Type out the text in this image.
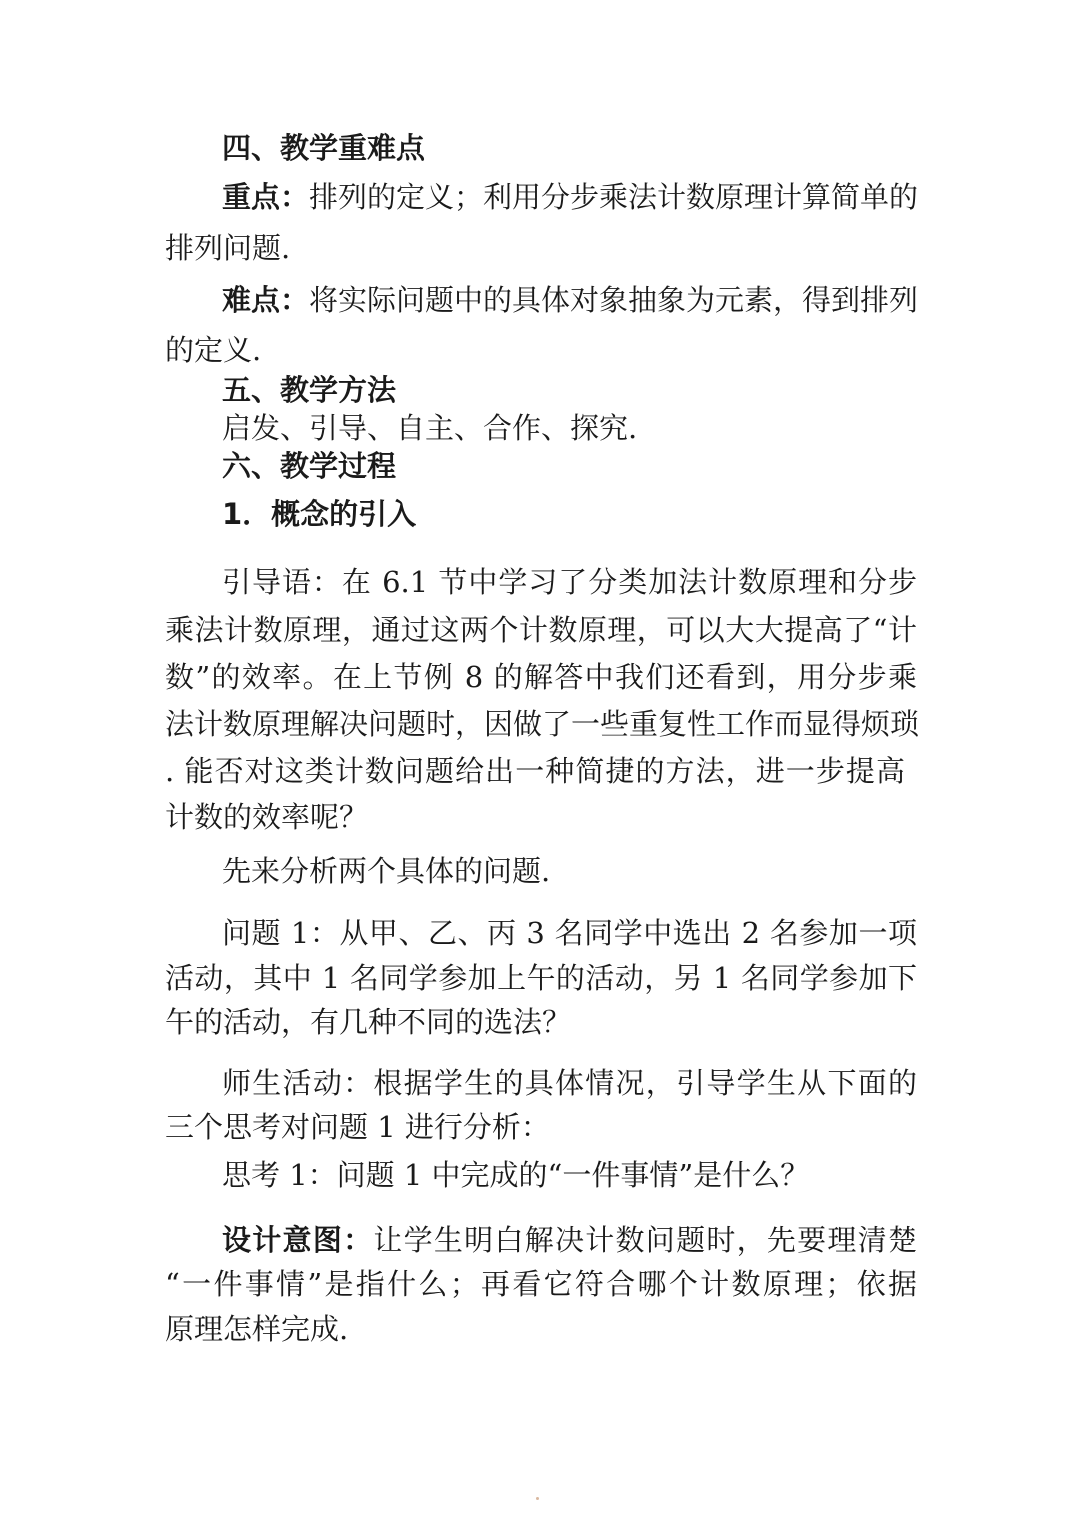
四、教学重难点
重点：排列的定义；利用分步乘法计数原理计算简单的
排列问题.
难点：将实际问题中的具体对象抽象为元素，得到排列
的定义.
五、教学方法
启发、引导、自主、合作、探究.
六、教学过程
1．概念的引入
引导语：在 6.1 节中学习了分类加法计数原理和分步
乘法计数原理，通过这两个计数原理，可以大大提高了“计
数”的效率。在上节例 8 的解答中我们还看到，用分步乘
法计数原理解决问题时，因做了一些重复性工作而显得烦琐
. 能否对这类计数问题给出一种简捷的方法，进一步提高
计数的效率呢？
先来分析两个具体的问题.
问题 1：从甲、乙、丙 3 名同学中选出 2 名参加一项
活动，其中 1 名同学参加上午的活动，另 1 名同学参加下
午的活动，有几种不同的选法？
师生活动：根据学生的具体情况，引导学生从下面的
三个思考对问题 1 进行分析：
思考 1：问题 1 中完成的“一件事情”是什么？
设计意图：让学生明白解决计数问题时，先要理清楚
“一件事情”是指什么；再看它符合哪个计数原理；依据
原理怎样完成.
